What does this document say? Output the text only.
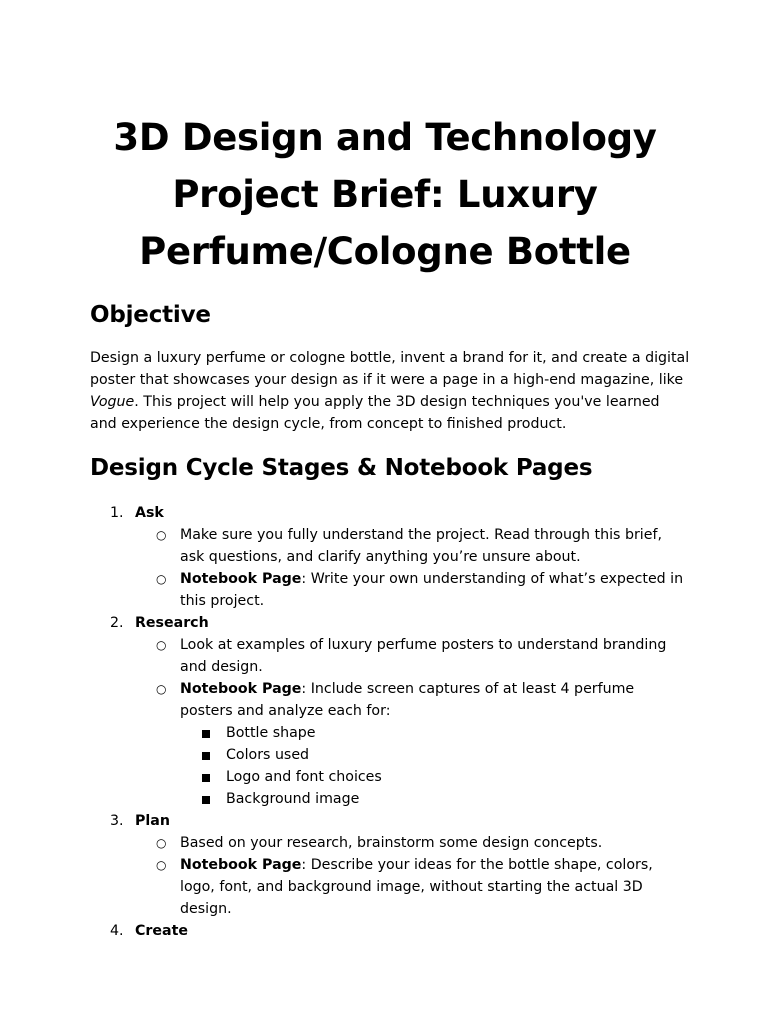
3D Design and Technology Project Brief: Luxury Perfume/Cologne Bottle
Objective

Design a luxury perfume or cologne bottle, invent a brand for it, and create a digital poster that showcases your design as if it were a page in a high-end magazine, like Vogue. This project will help you apply the 3D design techniques you've learned and experience the design cycle, from concept to finished product.

Design Cycle Stages & Notebook Pages
1. Ask
○ Make sure you fully understand the project. Read through this brief, ask questions, and clarify anything you’re unsure about.
○ Notebook Page: Write your own understanding of what’s expected in this project.
2. Research
○ Look at examples of luxury perfume posters to understand branding and design.
○ Notebook Page: Include screen captures of at least 4 perfume posters and analyze each for:
Bottle shape
Colors used
Logo and font choices
Background image
3. Plan
○ Based on your research, brainstorm some design concepts.
○ Notebook Page: Describe your ideas for the bottle shape, colors, logo, font, and background image, without starting the actual 3D design.
4. Create
